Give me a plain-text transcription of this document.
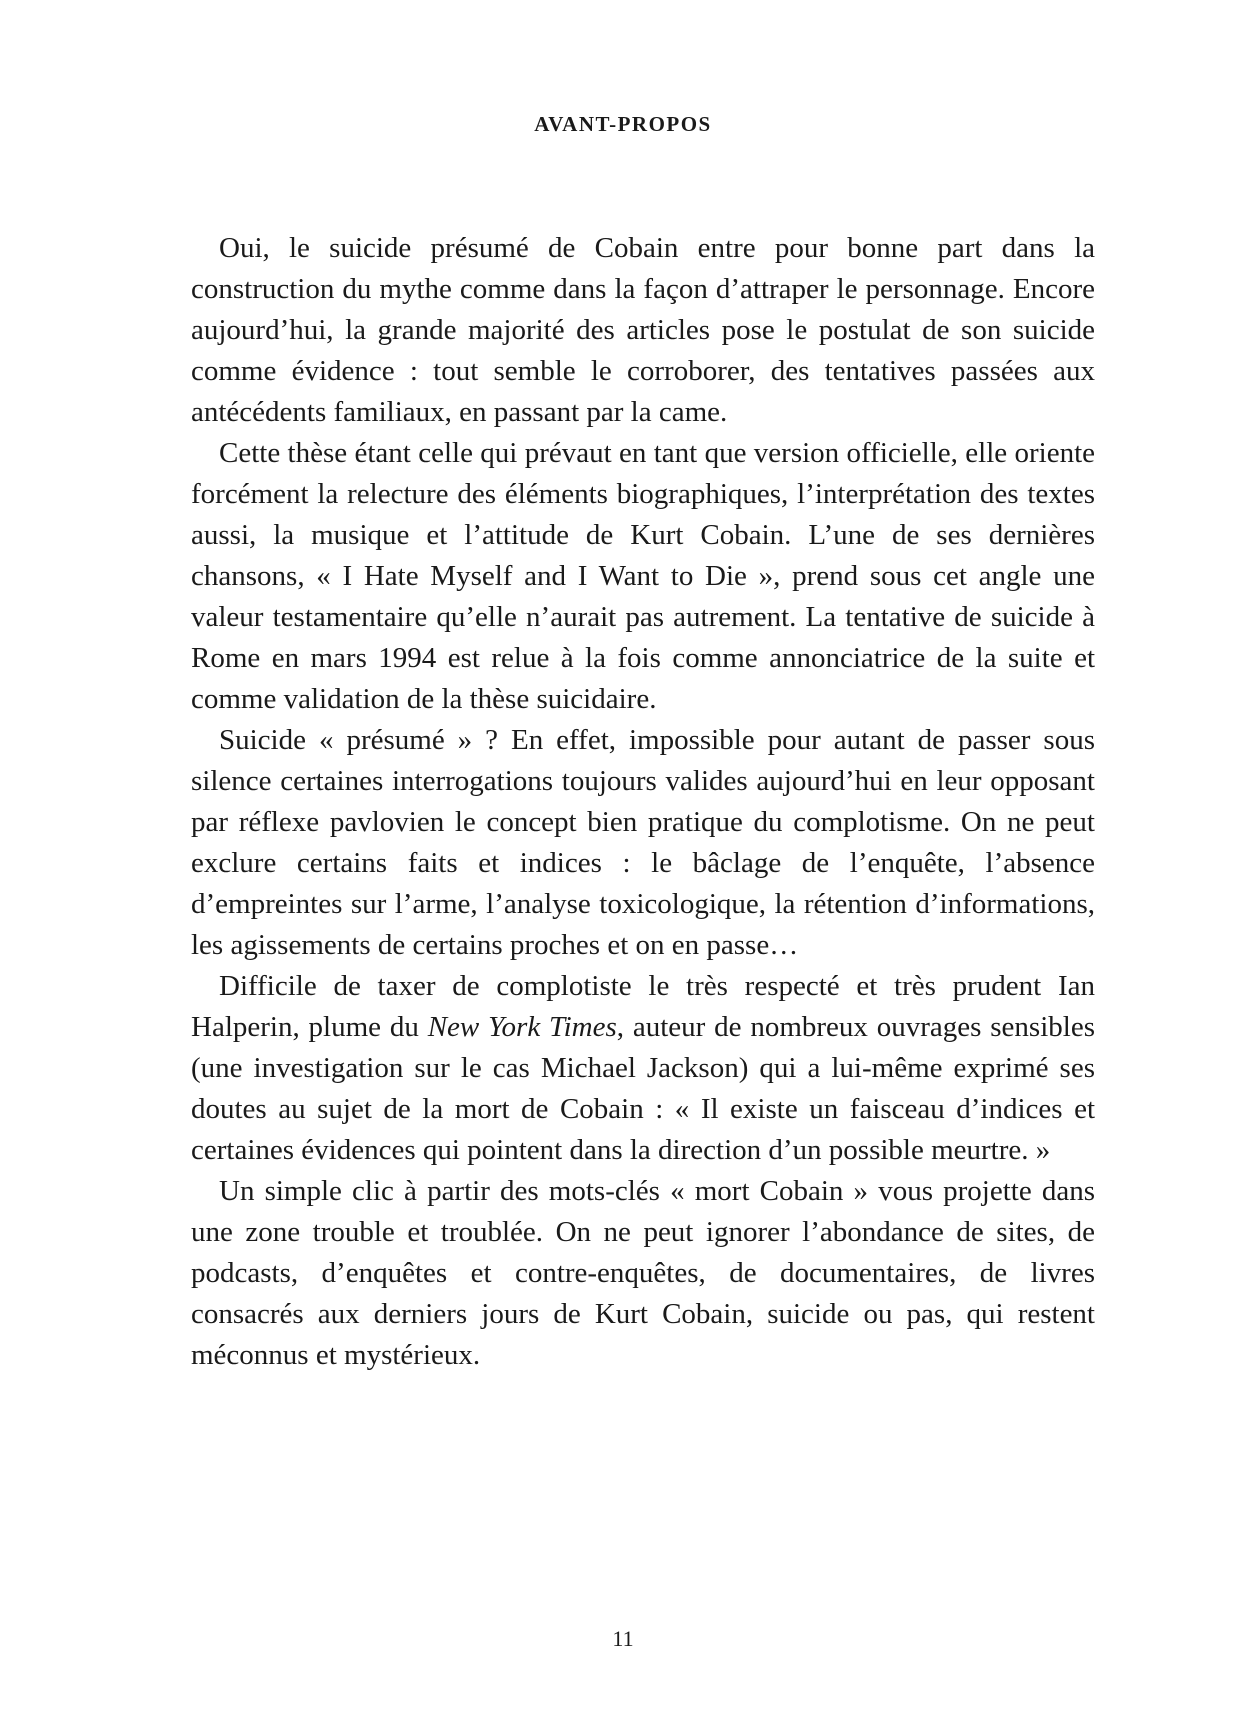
AVANT-PROPOS

Oui, le suicide présumé de Cobain entre pour bonne part dans la construction du mythe comme dans la façon d’attraper le personnage. Encore aujourd’hui, la grande majorité des articles pose le postulat de son suicide comme évidence : tout semble le corroborer, des tentatives passées aux antécédents familiaux, en passant par la came.

Cette thèse étant celle qui prévaut en tant que version officielle, elle oriente forcément la relecture des éléments biographiques, l’interprétation des textes aussi, la musique et l’attitude de Kurt Cobain. L’une de ses dernières chansons, « I Hate Myself and I Want to Die », prend sous cet angle une valeur testamentaire qu’elle n’aurait pas autrement. La tentative de suicide à Rome en mars 1994 est relue à la fois comme annonciatrice de la suite et comme validation de la thèse suicidaire.

Suicide « présumé » ? En effet, impossible pour autant de passer sous silence certaines interrogations toujours valides aujourd’hui en leur opposant par réflexe pavlovien le concept bien pratique du complotisme. On ne peut exclure certains faits et indices : le bâclage de l’enquête, l’absence d’empreintes sur l’arme, l’analyse toxicologique, la rétention d’informations, les agissements de certains proches et on en passe…

Difficile de taxer de complotiste le très respecté et très prudent Ian Halperin, plume du New York Times, auteur de nombreux ouvrages sensibles (une investigation sur le cas Michael Jackson) qui a lui-même exprimé ses doutes au sujet de la mort de Cobain : « Il existe un faisceau d’indices et certaines évidences qui pointent dans la direction d’un possible meurtre. »

Un simple clic à partir des mots-clés « mort Cobain » vous projette dans une zone trouble et troublée. On ne peut ignorer l’abondance de sites, de podcasts, d’enquêtes et contre-enquêtes, de documentaires, de livres consacrés aux derniers jours de Kurt Cobain, suicide ou pas, qui restent méconnus et mystérieux.

11
